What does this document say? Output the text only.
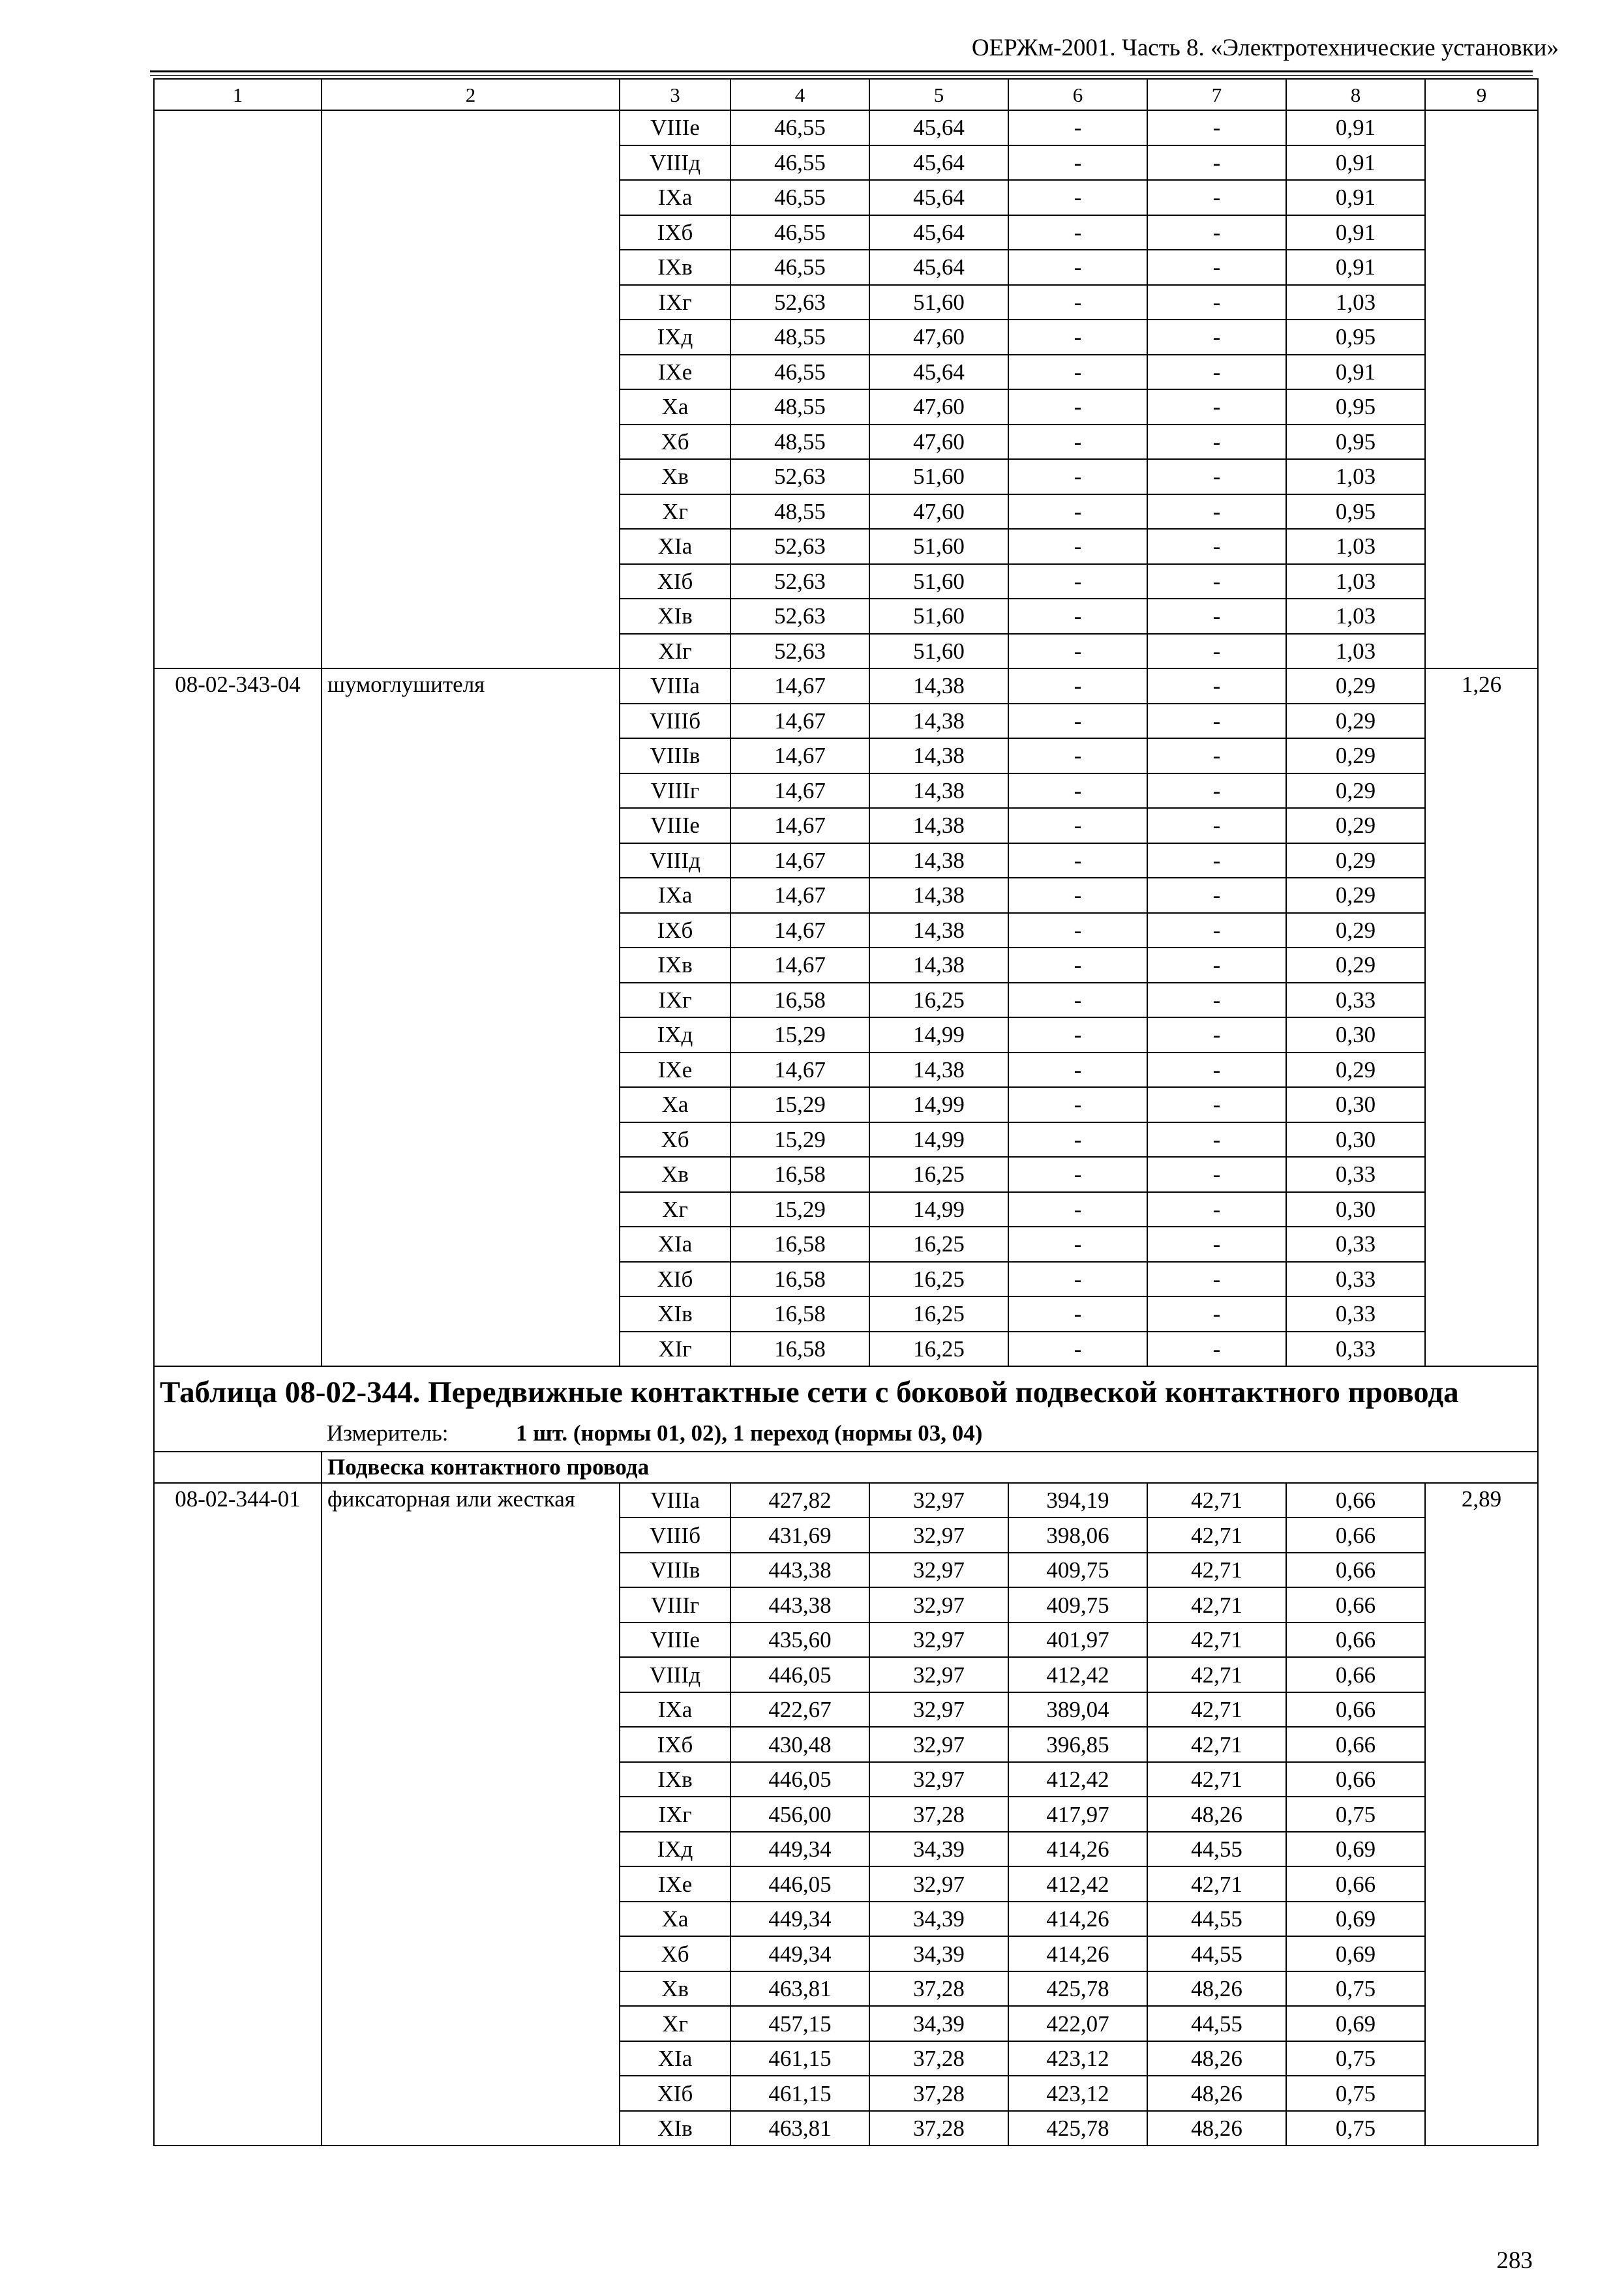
ОЕРЖм-2001. Часть 8. «Электротехнические установки»
1	2	3	4	5	6	7	8	9
		VIIIe	46,55	45,64	-	-	0,91	
		VIIIд	46,55	45,64	-	-	0,91	
		IXа	46,55	45,64	-	-	0,91	
		IXб	46,55	45,64	-	-	0,91	
		IXв	46,55	45,64	-	-	0,91	
		IXг	52,63	51,60	-	-	1,03	
		IXд	48,55	47,60	-	-	0,95	
		IXе	46,55	45,64	-	-	0,91	
		Xа	48,55	47,60	-	-	0,95	
		Xб	48,55	47,60	-	-	0,95	
		Xв	52,63	51,60	-	-	1,03	
		Xг	48,55	47,60	-	-	0,95	
		XIа	52,63	51,60	-	-	1,03	
		XIб	52,63	51,60	-	-	1,03	
		XIв	52,63	51,60	-	-	1,03	
		XIг	52,63	51,60	-	-	1,03	
08-02-343-04	шумоглушителя	VIIIа	14,67	14,38	-	-	0,29	1,26
		VIIIб	14,67	14,38	-	-	0,29	
		VIIIв	14,67	14,38	-	-	0,29	
		VIIIг	14,67	14,38	-	-	0,29	
		VIIIе	14,67	14,38	-	-	0,29	
		VIIIд	14,67	14,38	-	-	0,29	
		IXа	14,67	14,38	-	-	0,29	
		IXб	14,67	14,38	-	-	0,29	
		IXв	14,67	14,38	-	-	0,29	
		IXг	16,58	16,25	-	-	0,33	
		IXд	15,29	14,99	-	-	0,30	
		IXе	14,67	14,38	-	-	0,29	
		Xа	15,29	14,99	-	-	0,30	
		Xб	15,29	14,99	-	-	0,30	
		Xв	16,58	16,25	-	-	0,33	
		Xг	15,29	14,99	-	-	0,30	
		XIа	16,58	16,25	-	-	0,33	
		XIб	16,58	16,25	-	-	0,33	
		XIв	16,58	16,25	-	-	0,33	
		XIг	16,58	16,25	-	-	0,33	

Таблица 08-02-344. Передвижные контактные сети с боковой подвеской контактного провода
Измеритель: 1 шт. (нормы 01, 02), 1 переход (нормы 03, 04)								

	Подвеска контактного провода							
08-02-344-01	фиксаторная или жесткая	VIIIа	427,82	32,97	394,19	42,71	0,66	2,89
		VIIIб	431,69	32,97	398,06	42,71	0,66	
		VIIIв	443,38	32,97	409,75	42,71	0,66	
		VIIIг	443,38	32,97	409,75	42,71	0,66	
		VIIIе	435,60	32,97	401,97	42,71	0,66	
		VIIIд	446,05	32,97	412,42	42,71	0,66	
		IXа	422,67	32,97	389,04	42,71	0,66	
		IXб	430,48	32,97	396,85	42,71	0,66	
		IXв	446,05	32,97	412,42	42,71	0,66	
		IXг	456,00	37,28	417,97	48,26	0,75	
		IXд	449,34	34,39	414,26	44,55	0,69	
		IXе	446,05	32,97	412,42	42,71	0,66	
		Xа	449,34	34,39	414,26	44,55	0,69	
		Xб	449,34	34,39	414,26	44,55	0,69	
		Xв	463,81	37,28	425,78	48,26	0,75	
		Xг	457,15	34,39	422,07	44,55	0,69	
		XIа	461,15	37,28	423,12	48,26	0,75	
		XIб	461,15	37,28	423,12	48,26	0,75	
		XIв	463,81	37,28	425,78	48,26	0,75	
283
